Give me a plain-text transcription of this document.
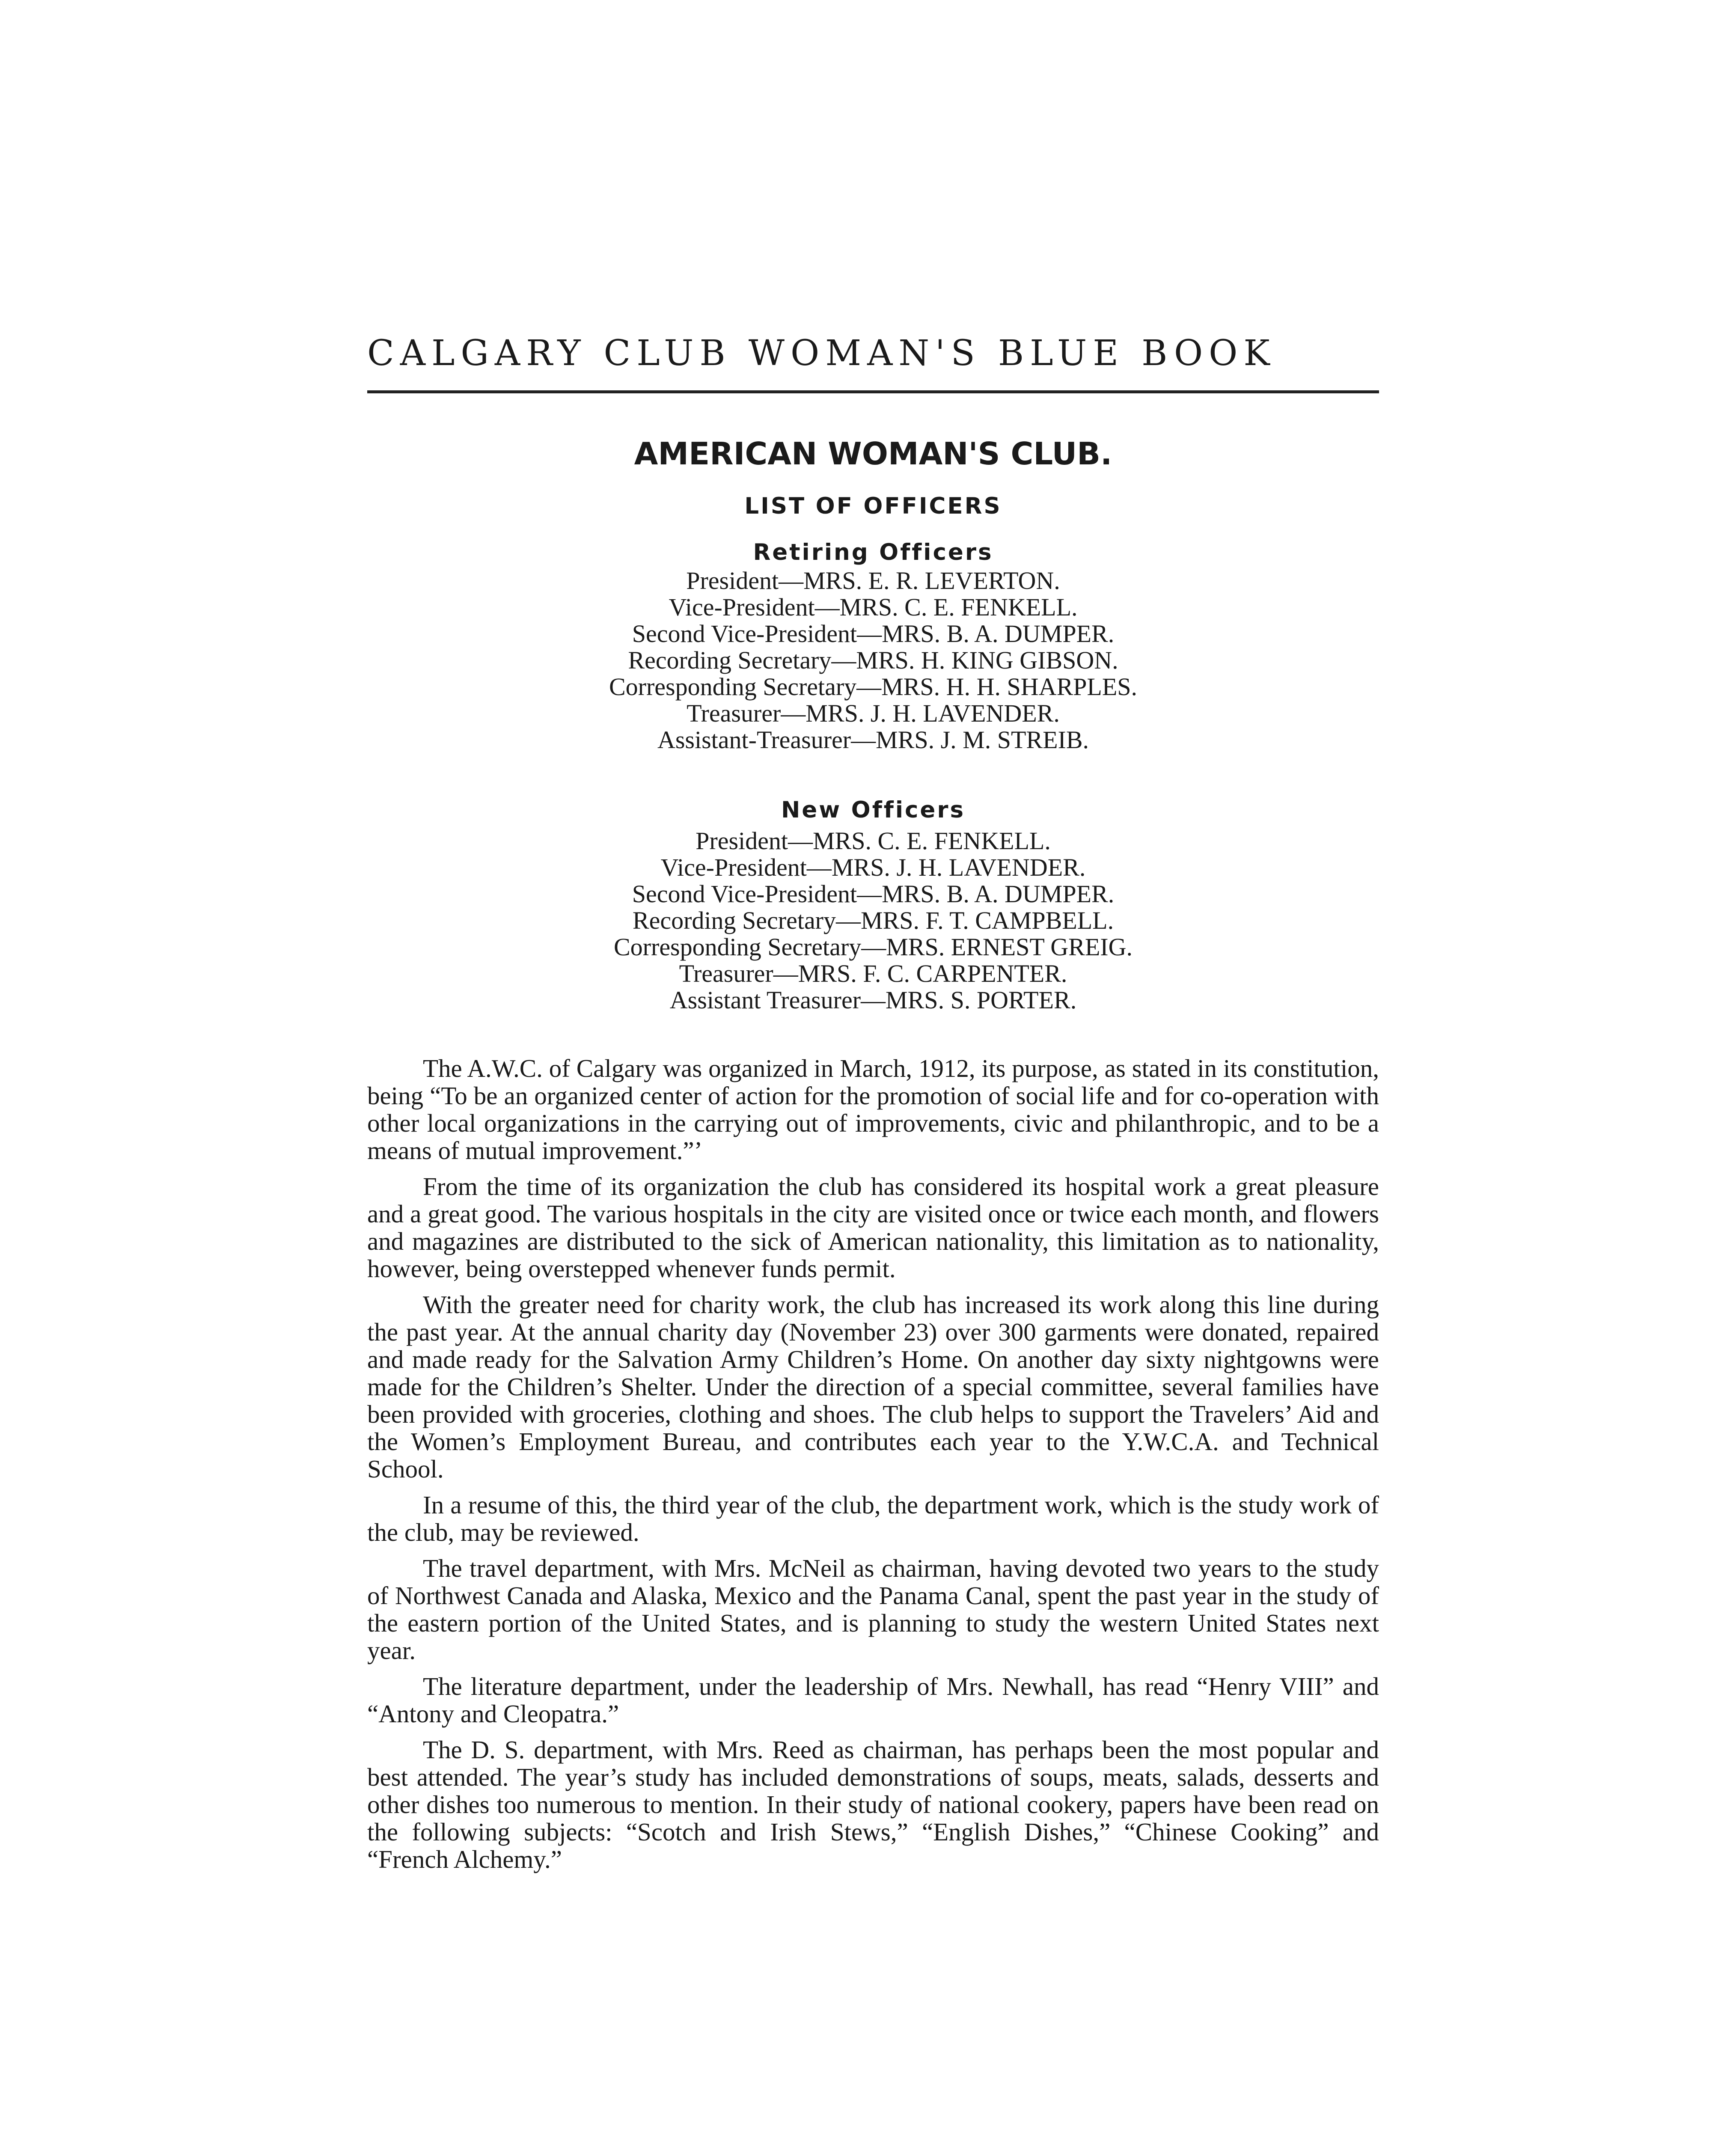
CALGARY CLUB WOMAN'S BLUE BOOK
AMERICAN WOMAN'S CLUB.
LIST OF OFFICERS
Retiring Officers
President—MRS. E. R. LEVERTON.
Vice-President—MRS. C. E. FENKELL.
Second Vice-President—MRS. B. A. DUMPER.
Recording Secretary—MRS. H. KING GIBSON.
Corresponding Secretary—MRS. H. H. SHARPLES.
Treasurer—MRS. J. H. LAVENDER.
Assistant-Treasurer—MRS. J. M. STREIB.
New Officers
President—MRS. C. E. FENKELL.
Vice-President—MRS. J. H. LAVENDER.
Second Vice-President—MRS. B. A. DUMPER.
Recording Secretary—MRS. F. T. CAMPBELL.
Corresponding Secretary—MRS. ERNEST GREIG.
Treasurer—MRS. F. C. CARPENTER.
Assistant Treasurer—MRS. S. PORTER.

The A.W.C. of Calgary was organized in March, 1912, its purpose, as stated in its constitution, being “To be an organized center of action for the promotion of social life and for co-operation with other local organizations in the carrying out of improvements, civic and philanthropic, and to be a means of mutual improvement.”’

From the time of its organization the club has considered its hospital work a great pleasure and a great good. The various hospitals in the city are visited once or twice each month, and flowers and magazines are distributed to the sick of American nationality, this limitation as to nationality, however, being overstepped whenever funds permit.

With the greater need for charity work, the club has increased its work along this line during the past year. At the annual charity day (November 23) over 300 garments were donated, repaired and made ready for the Salvation Army Children’s Home. On another day sixty nightgowns were made for the Children’s Shelter. Under the direction of a special committee, several families have been provided with groceries, clothing and shoes. The club helps to support the Travelers’ Aid and the Women’s Employment Bureau, and contributes each year to the Y.W.C.A. and Technical School.

In a resume of this, the third year of the club, the department work, which is the study work of the club, may be reviewed.

The travel department, with Mrs. McNeil as chairman, having devoted two years to the study of Northwest Canada and Alaska, Mexico and the Panama Canal, spent the past year in the study of the eastern portion of the United States, and is planning to study the western United States next year.

The literature department, under the leadership of Mrs. Newhall, has read “Henry VIII” and “Antony and Cleopatra.”

The D. S. department, with Mrs. Reed as chairman, has perhaps been the most popular and best attended. The year’s study has included demonstrations of soups, meats, salads, desserts and other dishes too numerous to mention. In their study of national cookery, papers have been read on the following subjects: “Scotch and Irish Stews,” “English Dishes,” “Chinese Cooking” and “French Alchemy.”
